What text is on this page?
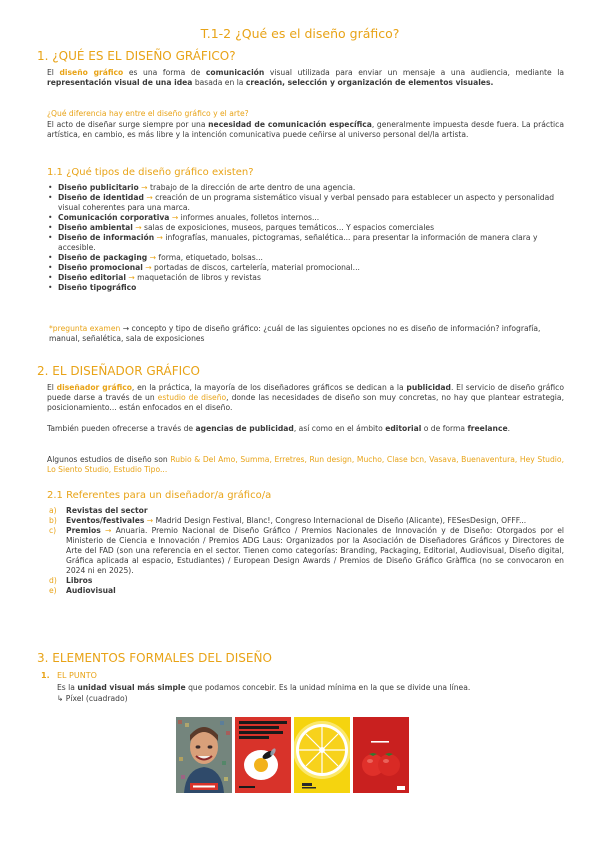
T.1-2 ¿Qué es el diseño gráfico?
1. ¿QUÉ ES EL DISEÑO GRÁFICO?

El diseño gráfico es una forma de comunicación visual utilizada para enviar un mensaje a una audiencia, mediante la representación visual de una idea basada en la creación, selección y organización de elementos visuales.

¿Qué diferencia hay entre el diseño gráfico y el arte?

El acto de diseñar surge siempre por una necesidad de comunicación específica, generalmente impuesta desde fuera. La práctica artística, en cambio, es más libre y la intención comunicativa puede ceñirse al universo personal del/la artista.

1.1 ¿Qué tipos de diseño gráfico existen?
• Diseño publicitario → trabajo de la dirección de arte dentro de una agencia.
• Diseño de identidad → creación de un programa sistemático visual y verbal pensado para establecer un aspecto y personalidad visual coherentes para una marca.
• Comunicación corporativa → informes anuales, folletos internos...
• Diseño ambiental → salas de exposiciones, museos, parques temáticos... Y espacios comerciales
• Diseño de información → infografías, manuales, pictogramas, señalética... para presentar la información de manera clara y accesible.
• Diseño de packaging → forma, etiquetado, bolsas...
• Diseño promocional → portadas de discos, cartelería, material promocional...
• Diseño editorial → maquetación de libros y revistas
• Diseño tipográfico

*pregunta examen → concepto y tipo de diseño gráfico: ¿cuál de las siguientes opciones no es diseño de información? infografía, manual, señalética, sala de exposiciones

2. EL DISEÑADOR GRÁFICO

El diseñador gráfico, en la práctica, la mayoría de los diseñadores gráficos se dedican a la publicidad. El servicio de diseño gráfico puede darse a través de un estudio de diseño, donde las necesidades de diseño son muy concretas, no hay que plantear estrategia, posicionamiento... están enfocados en el diseño.

También pueden ofrecerse a través de agencias de publicidad, así como en el ámbito editorial o de forma freelance.

Algunos estudios de diseño son Rubio & Del Amo, Summa, Erretres, Run design, Mucho, Clase bcn, Vasava, Buenaventura, Hey Studio, Lo Siento Studio, Estudio Tipo...

2.1 Referentes para un diseñador/a gráfico/a
a) Revistas del sector
b) Eventos/festivales → Madrid Design Festival, Blanc!, Congreso Internacional de Diseño (Alicante), FESesDesign, OFFF...
c) Premios → Anuaria. Premio Nacional de Diseño Gráfico / Premios Nacionales de Innovación y de Diseño: Otorgados por el Ministerio de Ciencia e Innovación / Premios ADG Laus: Organizados por la Asociación de Diseñadores Gráficos y Directores de Arte del FAD (son una referencia en el sector. Tienen como categorías: Branding, Packaging, Editorial, Audiovisual, Diseño digital, Gráfica aplicada al espacio, Estudiantes) / European Design Awards / Premios de Diseño Gráfico Gràffica (no se convocaron en 2024 ni en 2025).
d) Libros
e) Audiovisual
3. ELEMENTOS FORMALES DEL DISEÑO
1. EL PUNTO

Es la unidad visual más simple que podamos concebir. Es la unidad mínima en la que se divide una línea.

↳ Píxel (cuadrado)
